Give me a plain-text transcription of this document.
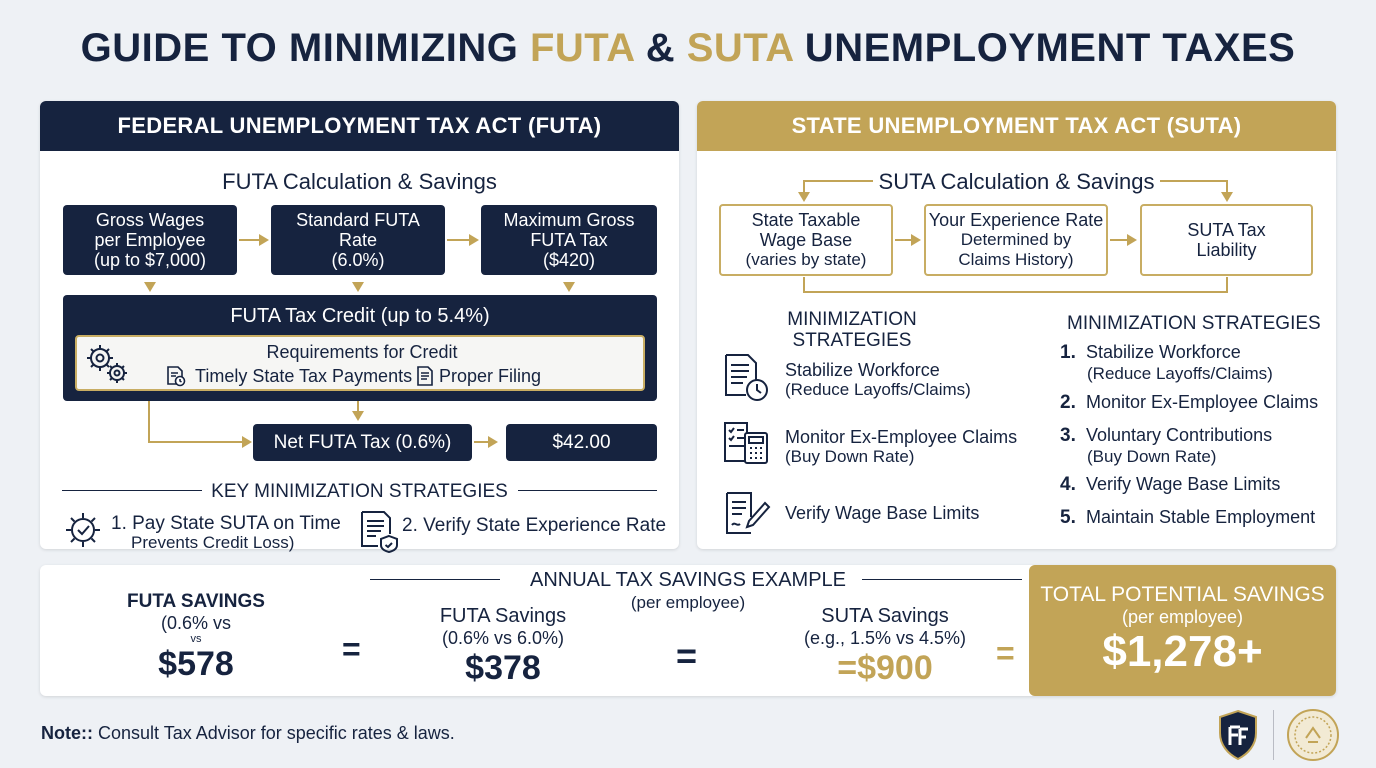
GUIDE TO MINIMIZING FUTA & SUTA UNEMPLOYMENT TAXES
FEDERAL UNEMPLOYMENT TAX ACT (FUTA)
FUTA Calculation & Savings
Gross Wages
per Employee
(up to $7,000)
Standard FUTA
Rate
(6.0%)
Maximum Gross
FUTA Tax
($420)
FUTA Tax Credit (up to 5.4%)
Requirements for Credit
Timely State Tax Payments Proper Filing
Net FUTA Tax (0.6%)	$42.00
KEY MINIMIZATION STRATEGIES
1. Pay State SUTA on Time
Prevents Credit Loss)
2. Verify State Experience Rate
STATE UNEMPLOYMENT TAX ACT (SUTA)
SUTA Calculation & Savings
State Taxable
Wage Base
(varies by state)
Your Experience Rate
Determined by
Claims History)
SUTA Tax
Liability
MINIMIZATION
STRATEGIES
Stabilize Workforce
(Reduce Layoffs/Claims)
Monitor Ex-Employee Claims
(Buy Down Rate)
Verify Wage Base Limits
MINIMIZATION STRATEGIES
1. Stabilize Workforce
(Reduce Layoffs/Claims)
2. Monitor Ex-Employee Claims
3. Voluntary Contributions
(Buy Down Rate)
4. Verify Wage Base Limits
5. Maintain Stable Employment
ANNUAL TAX SAVINGS EXAMPLE
(per employee)
FUTA SAVINGS
(0.6% vs
vs
$578	=
FUTA Savings
(0.6% vs 6.0%)
$378	=
SUTA Savings
(e.g., 1.5% vs 4.5%)
=$900	=
TOTAL POTENTIAL SAVINGS
(per employee)
$1,278+
Note:: Consult Tax Advisor for specific rates & laws.
